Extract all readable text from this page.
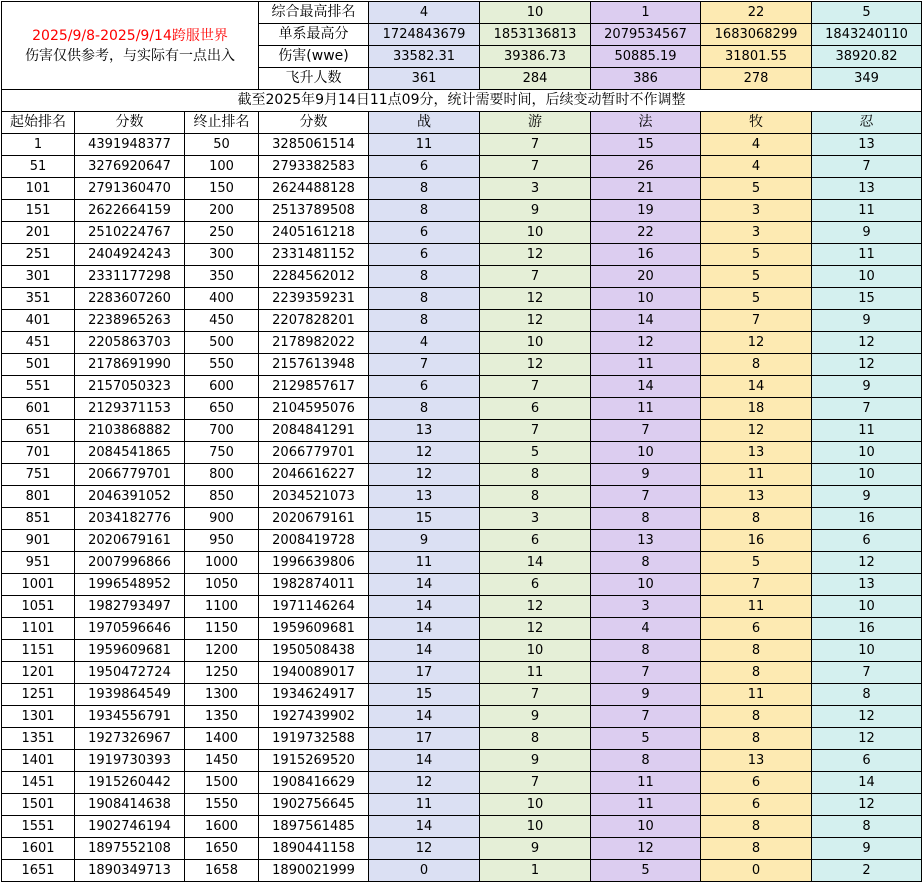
2025/9/8-2025/9/14跨服世界
伤害仅供参考，与实际有一点出入			综合最高排名	4	10	1	22	5
			单系最高分	1724843679	1853136813	2079534567	1683068299	1843240110
			伤害(wwe)	33582.31	39386.73	50885.19	31801.55	38920.82
			飞升人数	361	284	386	278	349
截至2025年9月14日11点09分，统计需要时间，后续变动暂时不作调整								
起始排名	分数	终止排名	分数	战	游	法	牧	忍
1	4391948377	50	3285061514	11	7	15	4	13
51	3276920647	100	2793382583	6	7	26	4	7
101	2791360470	150	2624488128	8	3	21	5	13
151	2622664159	200	2513789508	8	9	19	3	11
201	2510224767	250	2405161218	6	10	22	3	9
251	2404924243	300	2331481152	6	12	16	5	11
301	2331177298	350	2284562012	8	7	20	5	10
351	2283607260	400	2239359231	8	12	10	5	15
401	2238965263	450	2207828201	8	12	14	7	9
451	2205863703	500	2178982022	4	10	12	12	12
501	2178691990	550	2157613948	7	12	11	8	12
551	2157050323	600	2129857617	6	7	14	14	9
601	2129371153	650	2104595076	8	6	11	18	7
651	2103868882	700	2084841291	13	7	7	12	11
701	2084541865	750	2066779701	12	5	10	13	10
751	2066779701	800	2046616227	12	8	9	11	10
801	2046391052	850	2034521073	13	8	7	13	9
851	2034182776	900	2020679161	15	3	8	8	16
901	2020679161	950	2008419728	9	6	13	16	6
951	2007996866	1000	1996639806	11	14	8	5	12
1001	1996548952	1050	1982874011	14	6	10	7	13
1051	1982793497	1100	1971146264	14	12	3	11	10
1101	1970596646	1150	1959609681	14	12	4	6	16
1151	1959609681	1200	1950508438	14	10	8	8	10
1201	1950472724	1250	1940089017	17	11	7	8	7
1251	1939864549	1300	1934624917	15	7	9	11	8
1301	1934556791	1350	1927439902	14	9	7	8	12
1351	1927326967	1400	1919732588	17	8	5	8	12
1401	1919730393	1450	1915269520	14	9	8	13	6
1451	1915260442	1500	1908416629	12	7	11	6	14
1501	1908414638	1550	1902756645	11	10	11	6	12
1551	1902746194	1600	1897561485	14	10	10	8	8
1601	1897552108	1650	1890441158	12	9	12	8	9
1651	1890349713	1658	1890021999	0	1	5	0	2
